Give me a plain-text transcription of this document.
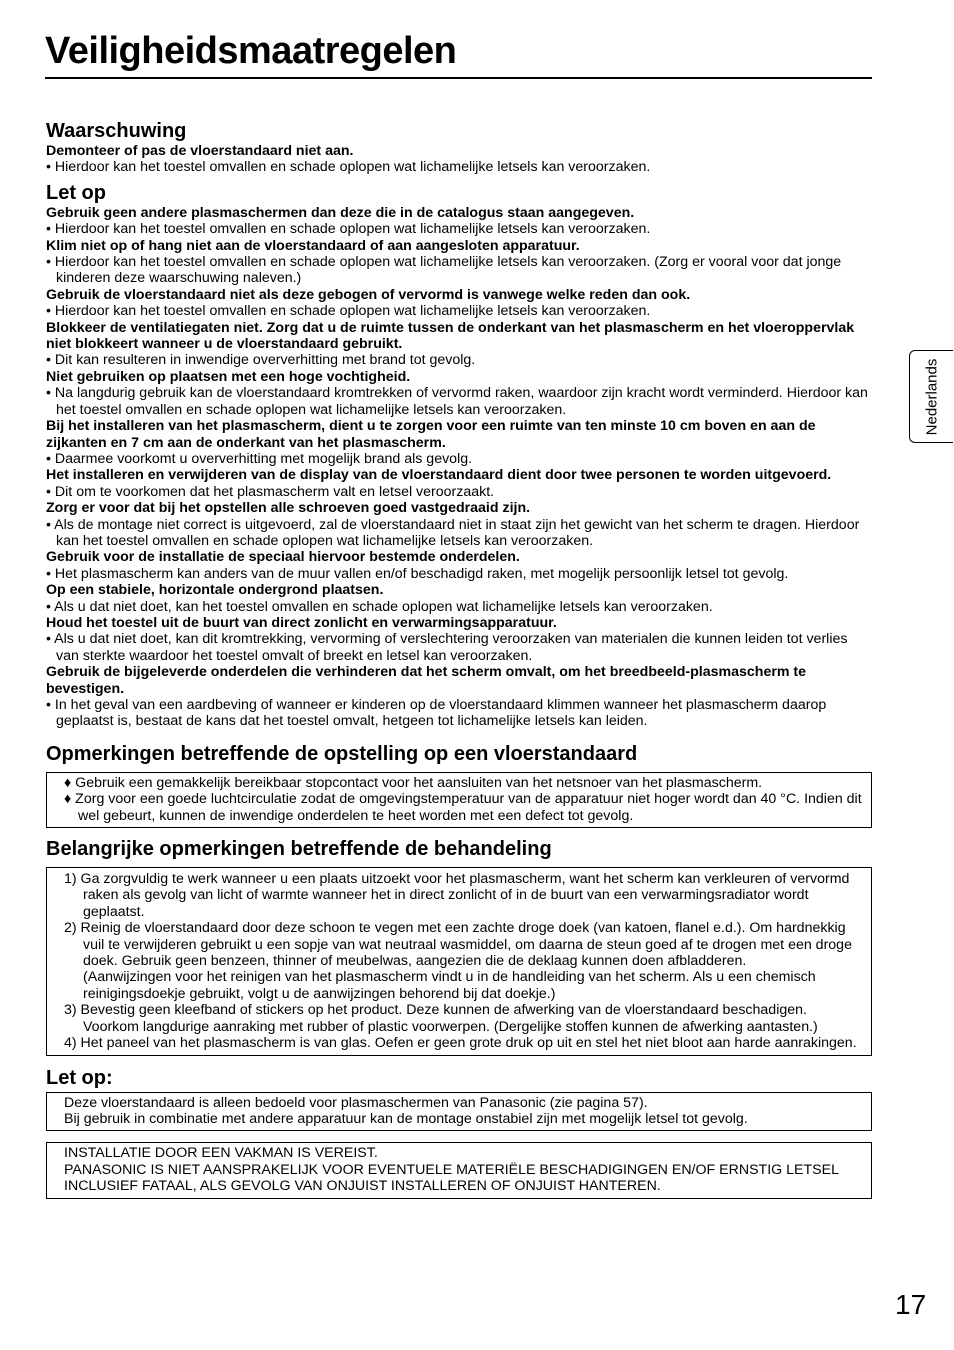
Veiligheidsmaatregelen
Nederlands
Waarschuwing
Demonteer of pas de vloerstandaard niet aan.
• Hierdoor kan het toestel omvallen en schade oplopen wat lichamelijke letsels kan veroorzaken.
Let op
Gebruik geen andere plasmaschermen dan deze die in de catalogus staan aangegeven.
• Hierdoor kan het toestel omvallen en schade oplopen wat lichamelijke letsels kan veroorzaken.
Klim niet op of hang niet aan de vloerstandaard of aan aangesloten apparatuur.
• Hierdoor kan het toestel omvallen en schade oplopen wat lichamelijke letsels kan veroorzaken. (Zorg er vooral voor dat jonge kinderen deze waarschuwing naleven.)
Gebruik de vloerstandaard niet als deze gebogen of vervormd is vanwege welke reden dan ook.
• Hierdoor kan het toestel omvallen en schade oplopen wat lichamelijke letsels kan veroorzaken.
Blokkeer de ventilatiegaten niet. Zorg dat u de ruimte tussen de onderkant van het plasmascherm en het vloeroppervlak niet blokkeert wanneer u de vloerstandaard gebruikt.
• Dit kan resulteren in inwendige oververhitting met brand tot gevolg.
Niet gebruiken op plaatsen met een hoge vochtigheid.
• Na langdurig gebruik kan de vloerstandaard kromtrekken of vervormd raken, waardoor zijn kracht wordt verminderd. Hierdoor kan het toestel omvallen en schade oplopen wat lichamelijke letsels kan veroorzaken.
Bij het installeren van het plasmascherm, dient u te zorgen voor een ruimte van ten minste 10 cm boven en aan de zijkanten en 7 cm aan de onderkant van het plasmascherm.
• Daarmee voorkomt u oververhitting met mogelijk brand als gevolg.
Het installeren en verwijderen van de display van de vloerstandaard dient door twee personen te worden uitgevoerd.
• Dit om te voorkomen dat het plasmascherm valt en letsel veroorzaakt.
Zorg er voor dat bij het opstellen alle schroeven goed vastgedraaid zijn.
• Als de montage niet correct is uitgevoerd, zal de vloerstandaard niet in staat zijn het gewicht van het scherm te dragen. Hierdoor kan het toestel omvallen en schade oplopen wat lichamelijke letsels kan veroorzaken.
Gebruik voor de installatie de speciaal hiervoor bestemde onderdelen.
• Het plasmascherm kan anders van de muur vallen en/of beschadigd raken, met mogelijk persoonlijk letsel tot gevolg.
Op een stabiele, horizontale ondergrond plaatsen.
• Als u dat niet doet, kan het toestel omvallen en schade oplopen wat lichamelijke letsels kan veroorzaken.
Houd het toestel uit de buurt van direct zonlicht en verwarmingsapparatuur.
• Als u dat niet doet, kan dit kromtrekking, vervorming of verslechtering veroorzaken van materialen die kunnen leiden tot verlies van sterkte waardoor het toestel omvalt of breekt en letsel kan veroorzaken.
Gebruik de bijgeleverde onderdelen die verhinderen dat het scherm omvalt, om het breedbeeld-plasmascherm te bevestigen.
• In het geval van een aardbeving of wanneer er kinderen op de vloerstandaard klimmen wanneer het plasmascherm daarop geplaatst is, bestaat de kans dat het toestel omvalt, hetgeen tot lichamelijke letsels kan leiden.
Opmerkingen betreffende de opstelling op een vloerstandaard
♦ Gebruik een gemakkelijk bereikbaar stopcontact voor het aansluiten van het netsnoer van het plasmascherm.
♦ Zorg voor een goede luchtcirculatie zodat de omgevingstemperatuur van de apparatuur niet hoger wordt dan 40 °C. Indien dit wel gebeurt, kunnen de inwendige onderdelen te heet worden met een defect tot gevolg.
Belangrijke opmerkingen betreffende de behandeling
1) Ga zorgvuldig te werk wanneer u een plaats uitzoekt voor het plasmascherm, want het scherm kan verkleuren of vervormd raken als gevolg van licht of warmte wanneer het in direct zonlicht of in de buurt van een verwarmingsradiator wordt geplaatst.
2) Reinig de vloerstandaard door deze schoon te vegen met een zachte droge doek (van katoen, flanel e.d.). Om hardnekkig vuil te verwijderen gebruikt u een sopje van wat neutraal wasmiddel, om daarna de steun goed af te drogen met een droge doek. Gebruik geen benzeen, thinner of meubelwas, aangezien die de deklaag kunnen doen afbladderen.
(Aanwijzingen voor het reinigen van het plasmascherm vindt u in de handleiding van het scherm. Als u een chemisch reinigingsdoekje gebruikt, volgt u de aanwijzingen behorend bij dat doekje.)
3) Bevestig geen kleefband of stickers op het product. Deze kunnen de afwerking van de vloerstandaard beschadigen. Voorkom langdurige aanraking met rubber of plastic voorwerpen. (Dergelijke stoffen kunnen de afwerking aantasten.)
4) Het paneel van het plasmascherm is van glas. Oefen er geen grote druk op uit en stel het niet bloot aan harde aanrakingen.
Let op:
Deze vloerstandaard is alleen bedoeld voor plasmaschermen van Panasonic (zie pagina 57).
Bij gebruik in combinatie met andere apparatuur kan de montage onstabiel zijn met mogelijk letsel tot gevolg.
INSTALLATIE DOOR EEN VAKMAN IS VEREIST.
PANASONIC IS NIET AANSPRAKELIJK VOOR EVENTUELE MATERIËLE BESCHADIGINGEN EN/OF ERNSTIG LETSEL INCLUSIEF FATAAL, ALS GEVOLG VAN ONJUIST INSTALLEREN OF ONJUIST HANTEREN.
17
